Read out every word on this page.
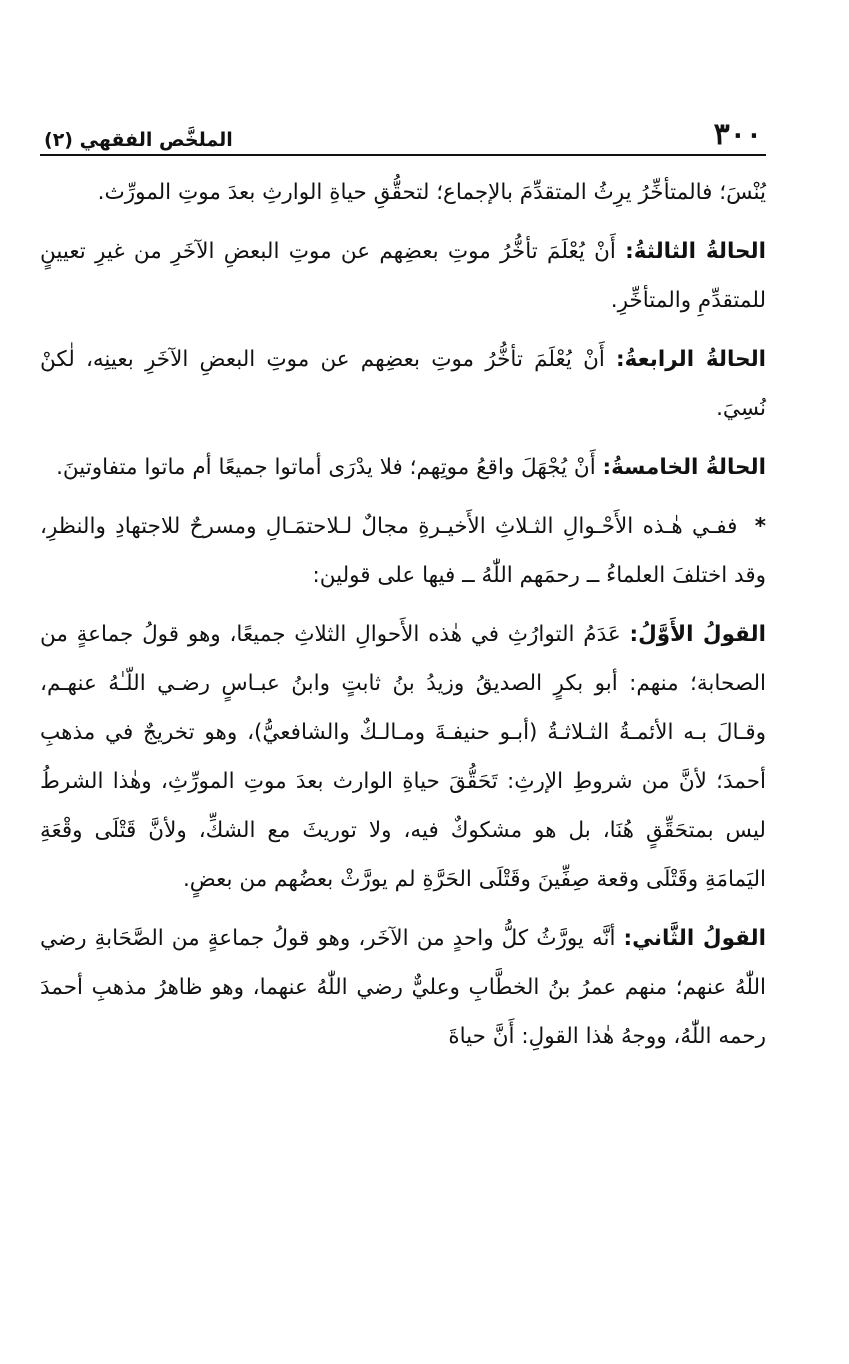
٣٠٠
الملخَّص الفقهي (٢)

يُنْسَ؛ فالمتأخِّرُ يرِثُ المتقدِّمَ بالإجماع؛ لتحقُّقِ حياةِ الوارثِ بعدَ موتِ المورِّث.

الحالةُ الثالثةُ: أَنْ يُعْلَمَ تأخُّرُ موتِ بعضِهم عن موتِ البعضِ الآخَرِ من غيرِ تعيينٍ للمتقدِّمِ والمتأخِّرِ.

الحالةُ الرابعةُ: أَنْ يُعْلَمَ تأخُّرُ موتِ بعضِهم عن موتِ البعضِ الآخَرِ بعينِه، لٰكنْ نُسِيَ.

الحالةُ الخامسةُ: أَنْ يُجْهَلَ واقعُ موتِهم؛ فلا يدْرَى أماتوا جميعًا أم ماتوا متفاوتينَ.

* ففـي هٰـذه الأَحْـوالِ الثـلاثِ الأَخيـرةِ مجالٌ لـلاحتمَـالِ ومسرحٌ للاجتهادِ والنظرِ، وقد اختلفَ العلماءُ ــ رحمَهم اللّٰهُ ــ فيها على قولين:

القولُ الأَوَّلُ: عَدَمُ التوارُثِ في هٰذه الأَحوالِ الثلاثِ جميعًا، وهو قولُ جماعةٍ من الصحابة؛ منهم: أبو بكرٍ الصديقُ وزيدُ بنُ ثابتٍ وابنُ عبـاسٍ رضـي اللّـٰهُ عنهـم، وقـالَ بـه الأئمـةُ الثـلاثـةُ (أبـو حنيفـةَ ومـالـكٌ والشافعيُّ)، وهو تخريجٌ في مذهبِ أحمدَ؛ لأنَّ من شروطِ الإرثِ: تَحَقُّقَ حياةِ الوارث بعدَ موتِ المورِّثِ، وهٰذا الشرطُ ليس بمتحَقِّقٍ هُنَا، بل هو مشكوكٌ فيه، ولا توريثَ مع الشكِّ، ولأنَّ قَتْلَى وقْعَةِ اليَمامَةِ وقَتْلَى وقعة صِفِّينَ وقَتْلَى الحَرَّةِ لم يورَّثْ بعضُهم من بعضٍ.

القولُ الثَّاني: أنَّه يورَّثُ كلُّ واحدٍ من الآخَر، وهو قولُ جماعةٍ من الصَّحَابةِ رضي اللّٰهُ عنهم؛ منهم عمرُ بنُ الخطَّابِ وعليٌّ رضي اللّٰهُ عنهما، وهو ظاهرُ مذهبِ أحمدَ رحمه اللّٰهُ، ووجهُ هٰذا القولِ: أَنَّ حياةَ
